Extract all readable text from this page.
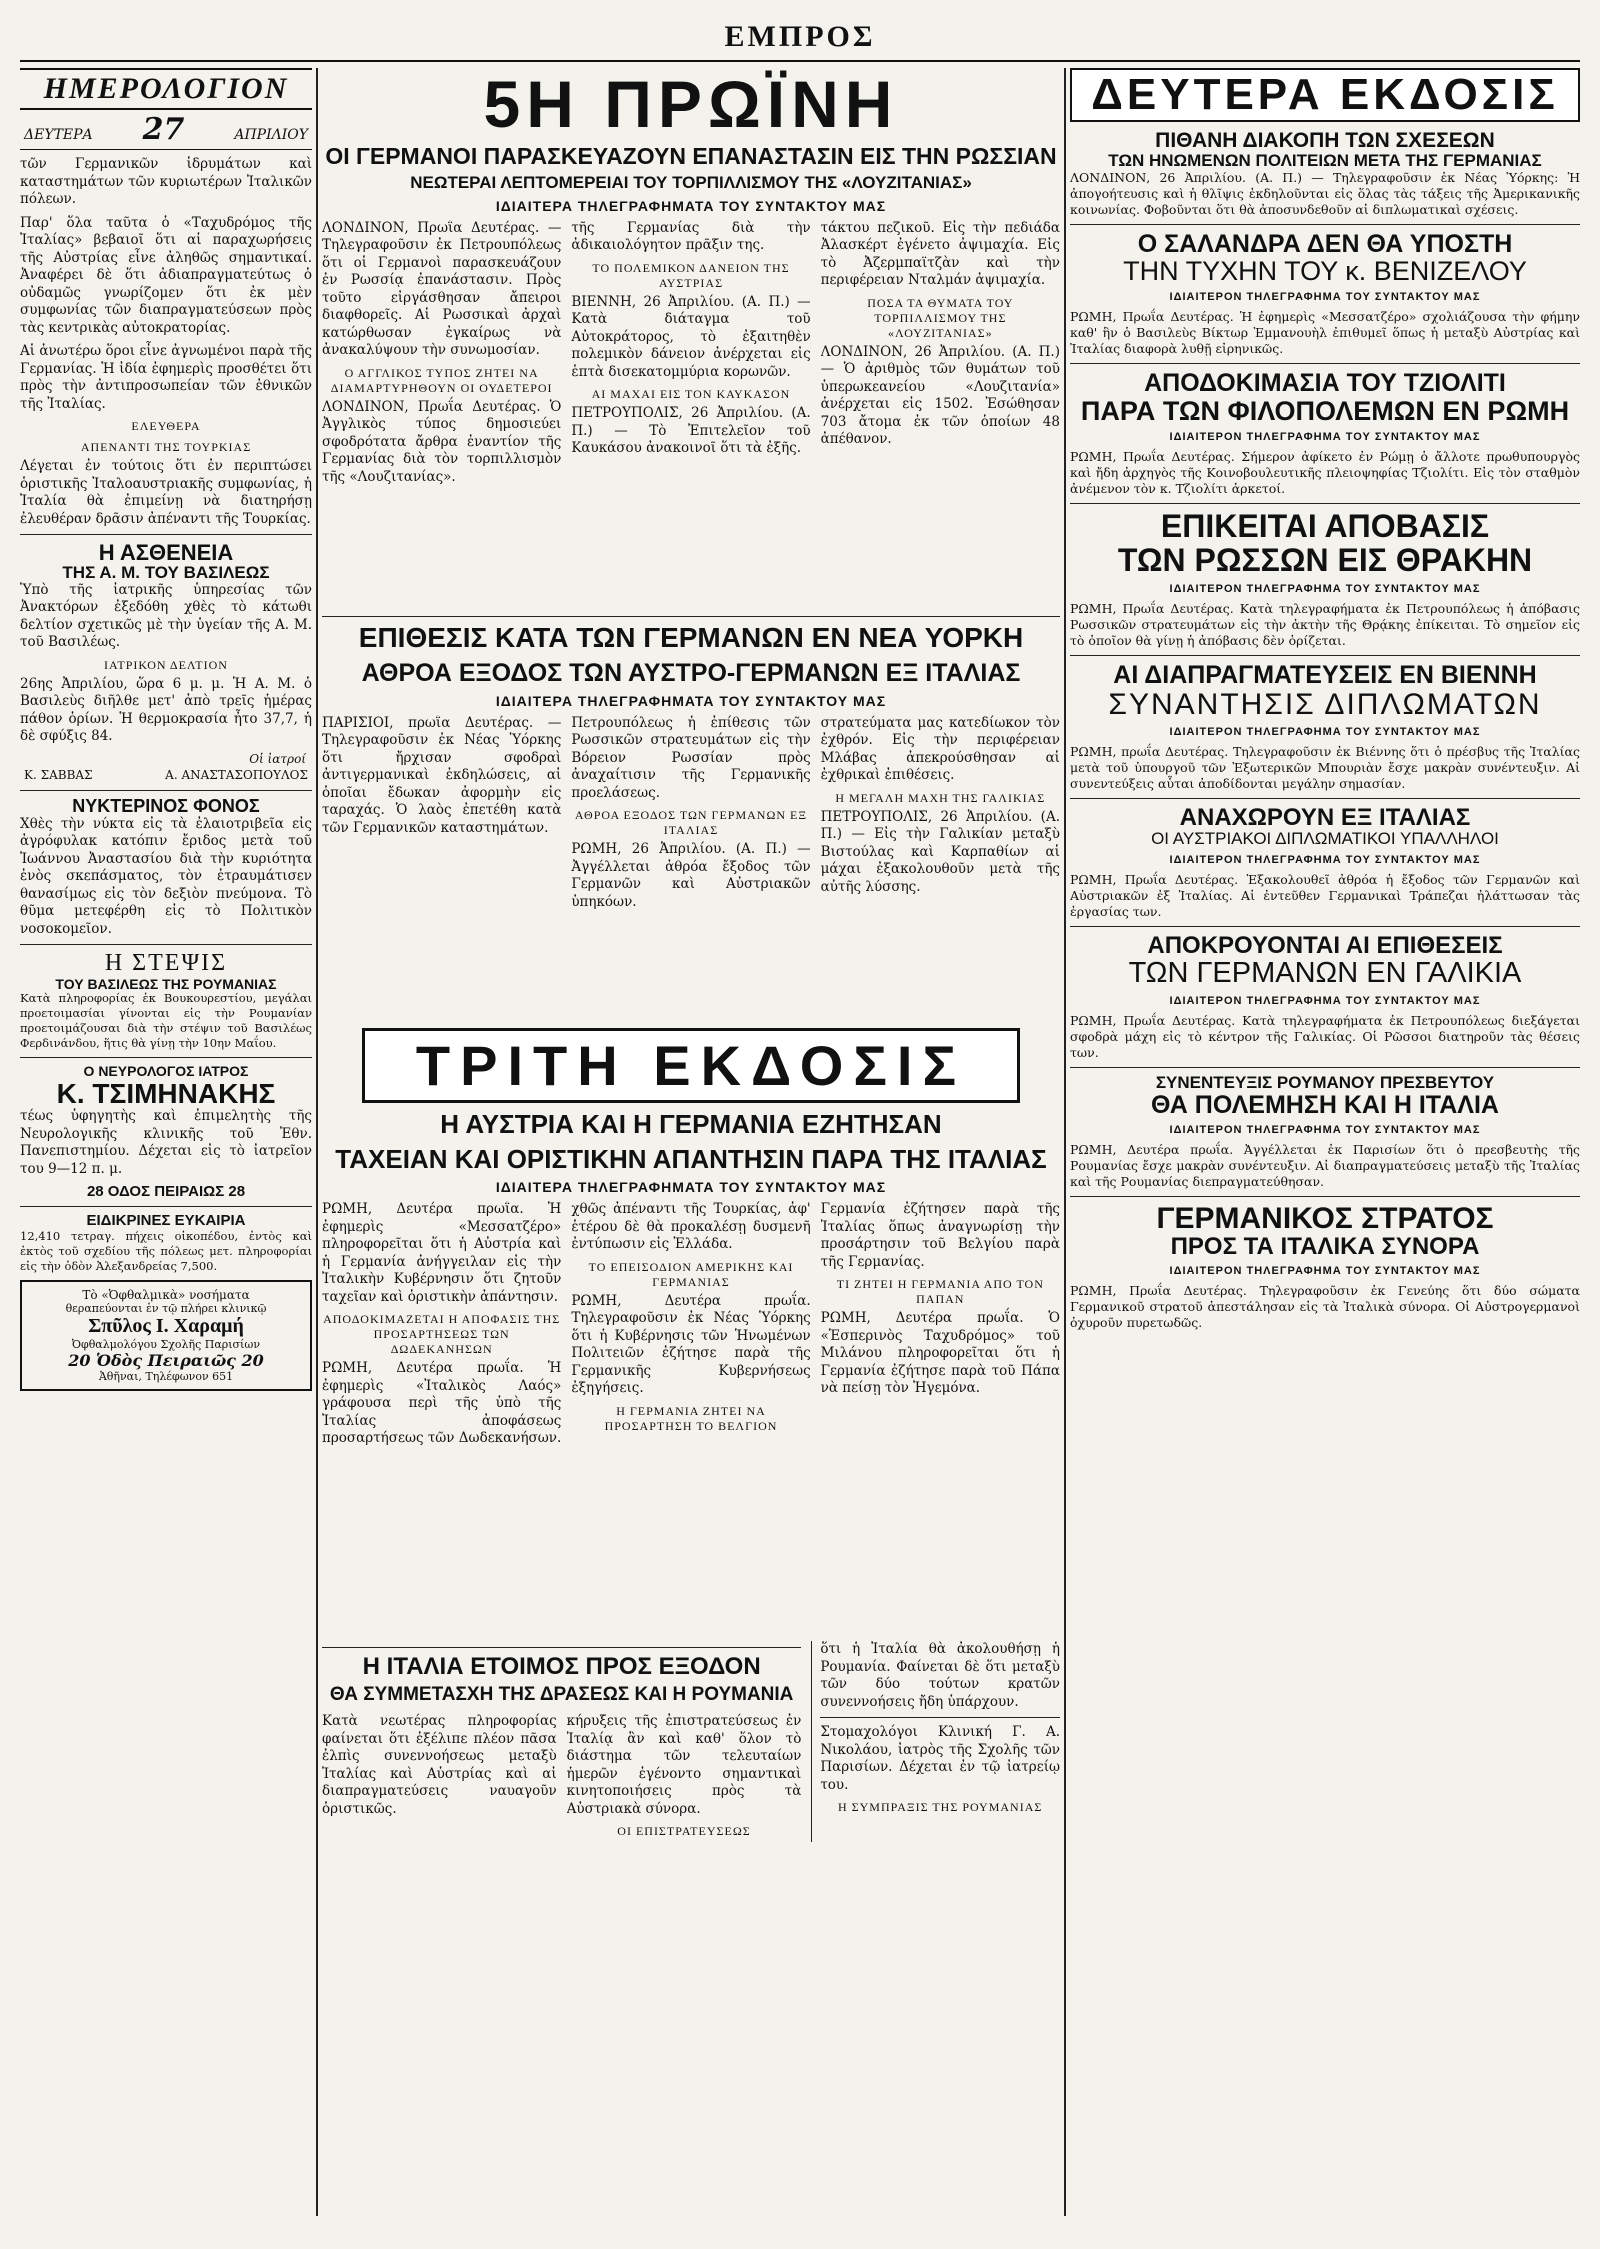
ΕΜΠΡΟΣ
ΗΜΕΡΟΛΟΓΙΟΝ
ΔΕΥΤΕΡΑ 27	ΑΠΡΙΛΙΟΥ

τῶν Γερμανικῶν ἱδρυμάτων καὶ καταστημάτων τῶν κυριωτέρων Ἰταλικῶν πόλεων.

Παρ' ὅλα ταῦτα ὁ «Ταχυδρόμος τῆς Ἰταλίας» βεβαιοῖ ὅτι αἱ παραχωρήσεις τῆς Αὐστρίας εἶνε ἀληθῶς σημαντικαί. Ἀναφέρει δὲ ὅτι ἀδιαπραγματεύτως ὁ οὐδαμῶς γνωρίζομεν ὅτι ἐκ μὲν συμφωνίας τῶν διαπραγματεύσεων πρὸς τὰς κεντρικὰς αὐτοκρατορίας.

Αἱ ἀνωτέρω ὅροι εἶνε ἀγνωμένοι παρὰ τῆς Γερμανίας. Ἡ ἰδία ἐφημερὶς προσθέτει ὅτι πρὸς τὴν ἀντιπροσωπείαν τῶν ἐθνικῶν τῆς Ἰταλίας.

ΕΛΕΥΘΕΡΑ
ΑΠΕΝΑΝΤΙ ΤΗΣ ΤΟΥΡΚΙΑΣ

Λέγεται ἐν τούτοις ὅτι ἐν περιπτώσει ὁριστικῆς Ἰταλοαυστριακῆς συμφωνίας, ἡ Ἰταλία θὰ ἐπιμείνῃ νὰ διατηρήσῃ ἐλευθέραν δρᾶσιν ἀπέναντι τῆς Τουρκίας.

Η ΑΣΘΕΝΕΙΑ
ΤΗΣ Α. Μ. ΤΟΥ ΒΑΣΙΛΕΩΣ

Ὑπὸ τῆς ἰατρικῆς ὑπηρεσίας τῶν Ἀνακτόρων ἐξεδόθη χθὲς τὸ κάτωθι δελτίον σχετικῶς μὲ τὴν ὑγείαν τῆς Α. Μ. τοῦ Βασιλέως.

ΙΑΤΡΙΚΟΝ ΔΕΛΤΙΟΝ

26ης Ἀπριλίου, ὥρα 6 μ. μ. Ἡ Α. Μ. ὁ Βασιλεὺς διῆλθε μετ' ἀπὸ τρεῖς ἡμέρας πάθον ὁρίων. Ἡ θερμοκρασία ἦτο 37,7, ἡ δὲ σφύξις 84.

Οἱ ἰατροί
Κ. ΣΑΒΒΑΣ	Α. ΑΝΑΣΤΑΣΟΠΟΥΛΟΣ
ΝΥΚΤΕΡΙΝΟΣ ΦΟΝΟΣ

Χθὲς τὴν νύκτα εἰς τὰ ἐλαιοτριβεῖα εἰς ἀγρόφυλακ κατόπιν ἔριδος μετὰ τοῦ Ἰωάννου Ἀναστασίου διὰ τὴν κυριότητα ἐνὸς σκεπάσματος, τὸν ἐτραυμάτισεν θανασίμως εἰς τὸν δεξιὸν πνεύμονα. Τὸ θῦμα μετεφέρθη εἰς τὸ Πολιτικὸν νοσοκομεῖον.

Η ΣΤΕΨΙΣ
ΤΟΥ ΒΑΣΙΛΕΩΣ ΤΗΣ ΡΟΥΜΑΝΙΑΣ

Κατὰ πληροφορίας ἐκ Βουκουρεστίου, μεγάλαι προετοιμασίαι γίνονται εἰς τὴν Ρουμανίαν προετοιμάζουσαι διὰ τὴν στέψιν τοῦ Βασιλέως Φερδινάνδου, ἥτις θὰ γίνῃ τὴν 10ην Μαΐου.

Ο ΝΕΥΡΟΛΟΓΟΣ ΙΑΤΡΟΣ
Κ. ΤΣΙΜΗΝΑΚΗΣ

τέως ὑφηγητὴς καὶ ἐπιμελητὴς τῆς Νευρολογικῆς κλινικῆς τοῦ Ἐθν. Πανεπιστημίου. Δέχεται εἰς τὸ ἰατρεῖον του 9—12 π. μ.

28 ΟΔΟΣ ΠΕΙΡΑΙΩΣ 28
ΕΙΔΙΚΡΙΝΕΣ ΕΥΚΑΙΡΙΑ

12,410 τετραγ. πήχεις οἰκοπέδου, ἐντὸς καὶ ἐκτὸς τοῦ σχεδίου τῆς πόλεως μετ. πληροφορίαι εἰς τὴν ὁδὸν Ἀλεξανδρείας 7,500.

Τὸ «Ὀφθαλμικὰ» νοσήματα
θεραπεύονται ἐν τῷ πλήρει κλινικῷ
Σπῦλος Ι. Χαραμή
Ὀφθαλμολόγου Σχολῆς Παρισίων
20 Ὁδὸς Πειραιῶς 20
Ἀθῆναι, Τηλέφωνον 651
5Η ΠΡΩΪΝΗ
ΟΙ ΓΕΡΜΑΝΟΙ ΠΑΡΑΣΚΕΥΑΖΟΥΝ ΕΠΑΝΑΣΤΑΣΙΝ ΕΙΣ ΤΗΝ ΡΩΣΣΙΑΝ
ΝΕΩΤΕΡΑΙ ΛΕΠΤΟΜΕΡΕΙΑΙ ΤΟΥ ΤΟΡΠΙΛΛΙΣΜΟΥ ΤΗΣ «ΛΟΥΖΙΤΑΝΙΑΣ»
ΙΔΙΑΙΤΕΡΑ ΤΗΛΕΓΡΑΦΗΜΑΤΑ ΤΟΥ ΣΥΝΤΑΚΤΟΥ ΜΑΣ

ΛΟΝΔΙΝΟΝ, Πρωΐα Δευτέρας. — Τηλεγραφοῦσιν ἐκ Πετρουπόλεως ὅτι οἱ Γερμανοὶ παρασκευάζουν ἐν Ρωσσίᾳ ἐπανάστασιν. Πρὸς τοῦτο εἰργάσθησαν ἄπειροι διαφθορεῖς. Αἱ Ρωσσικαὶ ἀρχαὶ κατώρθωσαν ἐγκαίρως νὰ ἀνακαλύψουν τὴν συνωμοσίαν.

Ο ΑΓΓΛΙΚΟΣ ΤΥΠΟΣ ΖΗΤΕΙ ΝΑ ΔΙΑΜΑΡΤΥΡΗΘΟΥΝ ΟΙ ΟΥΔΕΤΕΡΟΙ

ΛΟΝΔΙΝΟΝ, Πρωΐα Δευτέρας. Ὁ Ἀγγλικὸς τύπος δημοσιεύει σφοδρότατα ἄρθρα ἐναντίον τῆς Γερμανίας διὰ τὸν τορπιλλισμὸν τῆς «Λουζιτανίας».

τῆς Γερμανίας διὰ τὴν ἀδικαιολόγητον πρᾶξιν της.

ΤΟ ΠΟΛΕΜΙΚΟΝ ΔΑΝΕΙΟΝ ΤΗΣ ΑΥΣΤΡΙΑΣ

ΒΙΕΝΝΗ, 26 Ἀπριλίου. (Α. Π.) — Κατὰ διάταγμα τοῦ Αὐτοκράτορος, τὸ ἐξαιτηθὲν πολεμικὸν δάνειον ἀνέρχεται εἰς ἑπτὰ δισεκατομμύρια κορωνῶν.

ΑΙ ΜΑΧΑΙ ΕΙΣ ΤΟΝ ΚΑΥΚΑΣΟΝ

ΠΕΤΡΟΥΠΟΛΙΣ, 26 Ἀπριλίου. (Α. Π.) — Τὸ Ἐπιτελεῖον τοῦ Καυκάσου ἀνακοινοῖ ὅτι τὰ ἐξῆς.

τάκτου πεζικοῦ. Εἰς τὴν πεδιάδα Ἀλασκέρτ ἐγένετο ἀψιμαχία. Εἰς τὸ Ἀζερμπαϊτζὰν καὶ τὴν περιφέρειαν Νταλμάν ἀψιμαχία.

ΠΟΣΑ ΤΑ ΘΥΜΑΤΑ ΤΟΥ ΤΟΡΠΙΛΛΙΣΜΟΥ ΤΗΣ «ΛΟΥΖΙΤΑΝΙΑΣ»

ΛΟΝΔΙΝΟΝ, 26 Ἀπριλίου. (Α. Π.) — Ὁ ἀριθμὸς τῶν θυμάτων τοῦ ὑπερωκεανείου «Λουζιτανία» ἀνέρχεται εἰς 1502. Ἐσώθησαν 703 ἄτομα ἐκ τῶν ὁποίων 48 ἀπέθανον.

ΕΠΙΘΕΣΙΣ ΚΑΤΑ ΤΩΝ ΓΕΡΜΑΝΩΝ ΕΝ ΝΕΑ ΥΟΡΚΗ
ΑΘΡΟΑ ΕΞΟΔΟΣ ΤΩΝ ΑΥΣΤΡΟ-ΓΕΡΜΑΝΩΝ ΕΞ ΙΤΑΛΙΑΣ
ΙΔΙΑΙΤΕΡΑ ΤΗΛΕΓΡΑΦΗΜΑΤΑ ΤΟΥ ΣΥΝΤΑΚΤΟΥ ΜΑΣ

ΠΑΡΙΣΙΟΙ, πρωΐα Δευτέρας. — Τηλεγραφοῦσιν ἐκ Νέας Ὑόρκης ὅτι ἤρχισαν σφοδραὶ ἀντιγερμανικαὶ ἐκδηλώσεις, αἱ ὁποῖαι ἔδωκαν ἀφορμὴν εἰς ταραχάς. Ὁ λαὸς ἐπετέθη κατὰ τῶν Γερμανικῶν καταστημάτων.

Πετρουπόλεως ἡ ἐπίθεσις τῶν Ρωσσικῶν στρατευμάτων εἰς τὴν Βόρειον Ρωσσίαν πρὸς ἀναχαίτισιν τῆς Γερμανικῆς προελάσεως.

ΑΘΡΟΑ ΕΞΟΔΟΣ ΤΩΝ ΓΕΡΜΑΝΩΝ ΕΞ ΙΤΑΛΙΑΣ

ΡΩΜΗ, 26 Ἀπριλίου. (Α. Π.) — Ἀγγέλλεται ἀθρόα ἔξοδος τῶν Γερμανῶν καὶ Αὐστριακῶν ὑπηκόων.

στρατεύματα μας κατεδίωκον τὸν ἐχθρόν. Εἰς τὴν περιφέρειαν Μλάβας ἀπεκρούσθησαν αἱ ἐχθρικαὶ ἐπιθέσεις.

Η ΜΕΓΑΛΗ ΜΑΧΗ ΤΗΣ ΓΑΛΙΚΙΑΣ

ΠΕΤΡΟΥΠΟΛΙΣ, 26 Ἀπριλίου. (Α. Π.) — Εἰς τὴν Γαλικίαν μεταξὺ Βιστούλας καὶ Καρπαθίων αἱ μάχαι ἐξακολουθοῦν μετὰ τῆς αὐτῆς λύσσης.

ΤΡΙΤΗ ΕΚΔΟΣΙΣ
Η ΑΥΣΤΡΙΑ ΚΑΙ Η ΓΕΡΜΑΝΙΑ ΕΖΗΤΗΣΑΝ
ΤΑΧΕΙΑΝ ΚΑΙ ΟΡΙΣΤΙΚΗΝ ΑΠΑΝΤΗΣΙΝ ΠΑΡΑ ΤΗΣ ΙΤΑΛΙΑΣ
ΙΔΙΑΙΤΕΡΑ ΤΗΛΕΓΡΑΦΗΜΑΤΑ ΤΟΥ ΣΥΝΤΑΚΤΟΥ ΜΑΣ

ΡΩΜΗ, Δευτέρα πρωΐα. Ἡ ἐφημερὶς «Μεσσατζέρο» πληροφορεῖται ὅτι ἡ Αὐστρία καὶ ἡ Γερμανία ἀνήγγειλαν εἰς τὴν Ἰταλικὴν Κυβέρνησιν ὅτι ζητοῦν ταχεῖαν καὶ ὁριστικὴν ἀπάντησιν.

ΑΠΟΔΟΚΙΜΑΖΕΤΑΙ Η ΑΠΟΦΑΣΙΣ ΤΗΣ ΠΡΟΣΑΡΤΗΣΕΩΣ ΤΩΝ ΔΩΔΕΚΑΝΗΣΩΝ

ΡΩΜΗ, Δευτέρα πρωΐα. Ἡ ἐφημερὶς «Ἰταλικὸς Λαός» γράφουσα περὶ τῆς ὑπὸ τῆς Ἰταλίας ἀποφάσεως προσαρτήσεως τῶν Δωδεκανήσων.

χθῶς ἀπέναντι τῆς Τουρκίας, ἀφ' ἑτέρου δὲ θὰ προκαλέσῃ δυσμενῆ ἐντύπωσιν εἰς Ἑλλάδα.

ΤΟ ΕΠΕΙΣΟΔΙΟΝ ΑΜΕΡΙΚΗΣ ΚΑΙ ΓΕΡΜΑΝΙΑΣ

ΡΩΜΗ, Δευτέρα πρωΐα. Τηλεγραφοῦσιν ἐκ Νέας Ὑόρκης ὅτι ἡ Κυβέρνησις τῶν Ἡνωμένων Πολιτειῶν ἐζήτησε παρὰ τῆς Γερμανικῆς Κυβερνήσεως ἐξηγήσεις.

Η ΓΕΡΜΑΝΙΑ ΖΗΤΕΙ ΝΑ ΠΡΟΣΑΡΤΗΣΗ ΤΟ ΒΕΛΓΙΟΝ

Γερμανία ἐζήτησεν παρὰ τῆς Ἰταλίας ὅπως ἀναγνωρίσῃ τὴν προσάρτησιν τοῦ Βελγίου παρὰ τῆς Γερμανίας.

ΤΙ ΖΗΤΕΙ Η ΓΕΡΜΑΝΙΑ ΑΠΟ ΤΟΝ ΠΑΠΑΝ

ΡΩΜΗ, Δευτέρα πρωΐα. Ὁ «Ἑσπερινὸς Ταχυδρόμος» τοῦ Μιλάνου πληροφορεῖται ὅτι ἡ Γερμανία ἐζήτησε παρὰ τοῦ Πάπα νὰ πείσῃ τὸν Ἡγεμόνα.

Η ΙΤΑΛΙΑ ΕΤΟΙΜΟΣ ΠΡΟΣ ΕΞΟΔΟΝ
ΘΑ ΣΥΜΜΕΤΑΣΧΗ ΤΗΣ ΔΡΑΣΕΩΣ ΚΑΙ Η ΡΟΥΜΑΝΙΑ

Κατὰ νεωτέρας πληροφορίας φαίνεται ὅτι ἐξέλιπε πλέον πᾶσα ἐλπὶς συνεννοήσεως μεταξὺ Ἰταλίας καὶ Αὐστρίας καὶ αἱ διαπραγματεύσεις ναυαγοῦν ὁριστικῶς.

κήρυξεις τῆς ἐπιστρατεύσεως ἐν Ἰταλίᾳ ἂν καὶ καθ' ὅλον τὸ διάστημα τῶν τελευταίων ἡμερῶν ἐγένοντο σημαντικαὶ κινητοποιήσεις πρὸς τὰ Αὐστριακὰ σύνορα.

ΟΙ ΕΠΙΣΤΡΑΤΕΥΣΕΩΣ

ὅτι ἡ Ἰταλία θὰ ἀκολουθήσῃ ἡ Ρουμανία. Φαίνεται δὲ ὅτι μεταξὺ τῶν δύο τούτων κρατῶν συνεννοήσεις ἤδη ὑπάρχουν.

Στομαχολόγοι Κλινική Γ. Α. Νικολάου, ἰατρὸς τῆς Σχολῆς τῶν Παρισίων. Δέχεται ἐν τῷ ἰατρείῳ του.

Η ΣΥΜΠΡΑΞΙΣ ΤΗΣ ΡΟΥΜΑΝΙΑΣ
ΔΕΥΤΕΡΑ ΕΚΔΟΣΙΣ
ΠΙΘΑΝΗ ΔΙΑΚΟΠΗ ΤΩΝ ΣΧΕΣΕΩΝ
ΤΩΝ ΗΝΩΜΕΝΩΝ ΠΟΛΙΤΕΙΩΝ ΜΕΤΑ ΤΗΣ ΓΕΡΜΑΝΙΑΣ

ΛΟΝΔΙΝΟΝ, 26 Ἀπριλίου. (Α. Π.) — Τηλεγραφοῦσιν ἐκ Νέας Ὑόρκης: Ἡ ἀπογοήτευσις καὶ ἡ θλῖψις ἐκδηλοῦνται εἰς ὅλας τὰς τάξεις τῆς Ἀμερικανικῆς κοινωνίας. Φοβοῦνται ὅτι θὰ ἀποσυνδεθοῦν αἱ διπλωματικαὶ σχέσεις.

Ο ΣΑΛΑΝΔΡΑ ΔΕΝ ΘΑ ΥΠΟΣΤΗ
ΤΗΝ ΤΥΧΗΝ ΤΟΥ κ. ΒΕΝΙΖΕΛΟΥ
ΙΔΙΑΙΤΕΡΟΝ ΤΗΛΕΓΡΑΦΗΜΑ ΤΟΥ ΣΥΝΤΑΚΤΟΥ ΜΑΣ

ΡΩΜΗ, Πρωΐα Δευτέρας. Ἡ ἐφημερὶς «Μεσσατζέρο» σχολιάζουσα τὴν φήμην καθ' ἣν ὁ Βασιλεὺς Βίκτωρ Ἐμμανουὴλ ἐπιθυμεῖ ὅπως ἡ μεταξὺ Αὐστρίας καὶ Ἰταλίας διαφορὰ λυθῇ εἰρηνικῶς.

ΑΠΟΔΟΚΙΜΑΣΙΑ ΤΟΥ ΤΖΙΟΛΙΤΙ
ΠΑΡΑ ΤΩΝ ΦΙΛΟΠΟΛΕΜΩΝ ΕΝ ΡΩΜΗ
ΙΔΙΑΙΤΕΡΟΝ ΤΗΛΕΓΡΑΦΗΜΑ ΤΟΥ ΣΥΝΤΑΚΤΟΥ ΜΑΣ

ΡΩΜΗ, Πρωΐα Δευτέρας. Σήμερον ἀφίκετο ἐν Ρώμῃ ὁ ἄλλοτε πρωθυπουργὸς καὶ ἤδη ἀρχηγὸς τῆς Κοινοβουλευτικῆς πλειοψηφίας Τζιολίτι. Εἰς τὸν σταθμὸν ἀνέμενον τὸν κ. Τζιολίτι ἀρκετοί.

ΕΠΙΚΕΙΤΑΙ ΑΠΟΒΑΣΙΣ
ΤΩΝ ΡΩΣΣΩΝ ΕΙΣ ΘΡΑΚΗΝ
ΙΔΙΑΙΤΕΡΟΝ ΤΗΛΕΓΡΑΦΗΜΑ ΤΟΥ ΣΥΝΤΑΚΤΟΥ ΜΑΣ

ΡΩΜΗ, Πρωΐα Δευτέρας. Κατὰ τηλεγραφήματα ἐκ Πετρουπόλεως ἡ ἀπόβασις Ρωσσικῶν στρατευμάτων εἰς τὴν ἀκτὴν τῆς Θρᾴκης ἐπίκειται. Τὸ σημεῖον εἰς τὸ ὁποῖον θὰ γίνῃ ἡ ἀπόβασις δὲν ὁρίζεται.

ΑΙ ΔΙΑΠΡΑΓΜΑΤΕΥΣΕΙΣ ΕΝ ΒΙΕΝΝΗ
ΣΥΝΑΝΤΗΣΙΣ ΔΙΠΛΩΜΑΤΩΝ
ΙΔΙΑΙΤΕΡΟΝ ΤΗΛΕΓΡΑΦΗΜΑ ΤΟΥ ΣΥΝΤΑΚΤΟΥ ΜΑΣ

ΡΩΜΗ, πρωΐα Δευτέρας. Τηλεγραφοῦσιν ἐκ Βιέννης ὅτι ὁ πρέσβυς τῆς Ἰταλίας μετὰ τοῦ ὑπουργοῦ τῶν Ἐξωτερικῶν Μπουριὰν ἔσχε μακρὰν συνέντευξιν. Αἱ συνεντεύξεις αὗται ἀποδίδονται μεγάλην σημασίαν.

ΑΝΑΧΩΡΟΥΝ ΕΞ ΙΤΑΛΙΑΣ
ΟΙ ΑΥΣΤΡΙΑΚΟΙ ΔΙΠΛΩΜΑΤΙΚΟΙ ΥΠΑΛΛΗΛΟΙ
ΙΔΙΑΙΤΕΡΟΝ ΤΗΛΕΓΡΑΦΗΜΑ ΤΟΥ ΣΥΝΤΑΚΤΟΥ ΜΑΣ

ΡΩΜΗ, Πρωΐα Δευτέρας. Ἐξακολουθεῖ ἀθρόα ἡ ἔξοδος τῶν Γερμανῶν καὶ Αὐστριακῶν ἐξ Ἰταλίας. Αἱ ἐντεῦθεν Γερμανικαὶ Τράπεζαι ἠλάττωσαν τὰς ἐργασίας των.

ΑΠΟΚΡΟΥΟΝΤΑΙ ΑΙ ΕΠΙΘΕΣΕΙΣ
ΤΩΝ ΓΕΡΜΑΝΩΝ ΕΝ ΓΑΛΙΚΙΑ
ΙΔΙΑΙΤΕΡΟΝ ΤΗΛΕΓΡΑΦΗΜΑ ΤΟΥ ΣΥΝΤΑΚΤΟΥ ΜΑΣ

ΡΩΜΗ, Πρωΐα Δευτέρας. Κατὰ τηλεγραφήματα ἐκ Πετρουπόλεως διεξάγεται σφοδρὰ μάχη εἰς τὸ κέντρον τῆς Γαλικίας. Οἱ Ρῶσσοι διατηροῦν τὰς θέσεις των.

ΣΥΝΕΝΤΕΥΞΙΣ ΡΟΥΜΑΝΟΥ ΠΡΕΣΒΕΥΤΟΥ
ΘΑ ΠΟΛΕΜΗΣΗ ΚΑΙ Η ΙΤΑΛΙΑ
ΙΔΙΑΙΤΕΡΟΝ ΤΗΛΕΓΡΑΦΗΜΑ ΤΟΥ ΣΥΝΤΑΚΤΟΥ ΜΑΣ

ΡΩΜΗ, Δευτέρα πρωΐα. Ἀγγέλλεται ἐκ Παρισίων ὅτι ὁ πρεσβευτὴς τῆς Ρουμανίας ἔσχε μακρὰν συνέντευξιν. Αἱ διαπραγματεύσεις μεταξὺ τῆς Ἰταλίας καὶ τῆς Ρουμανίας διεπραγματεύθησαν.

ΓΕΡΜΑΝΙΚΟΣ ΣΤΡΑΤΟΣ
ΠΡΟΣ ΤΑ ΙΤΑΛΙΚΑ ΣΥΝΟΡΑ
ΙΔΙΑΙΤΕΡΟΝ ΤΗΛΕΓΡΑΦΗΜΑ ΤΟΥ ΣΥΝΤΑΚΤΟΥ ΜΑΣ

ΡΩΜΗ, Πρωΐα Δευτέρας. Τηλεγραφοῦσιν ἐκ Γενεύης ὅτι δύο σώματα Γερμανικοῦ στρατοῦ ἀπεστάλησαν εἰς τὰ Ἰταλικὰ σύνορα. Οἱ Αὐστρογερμανοὶ ὀχυροῦν πυρετωδῶς.
